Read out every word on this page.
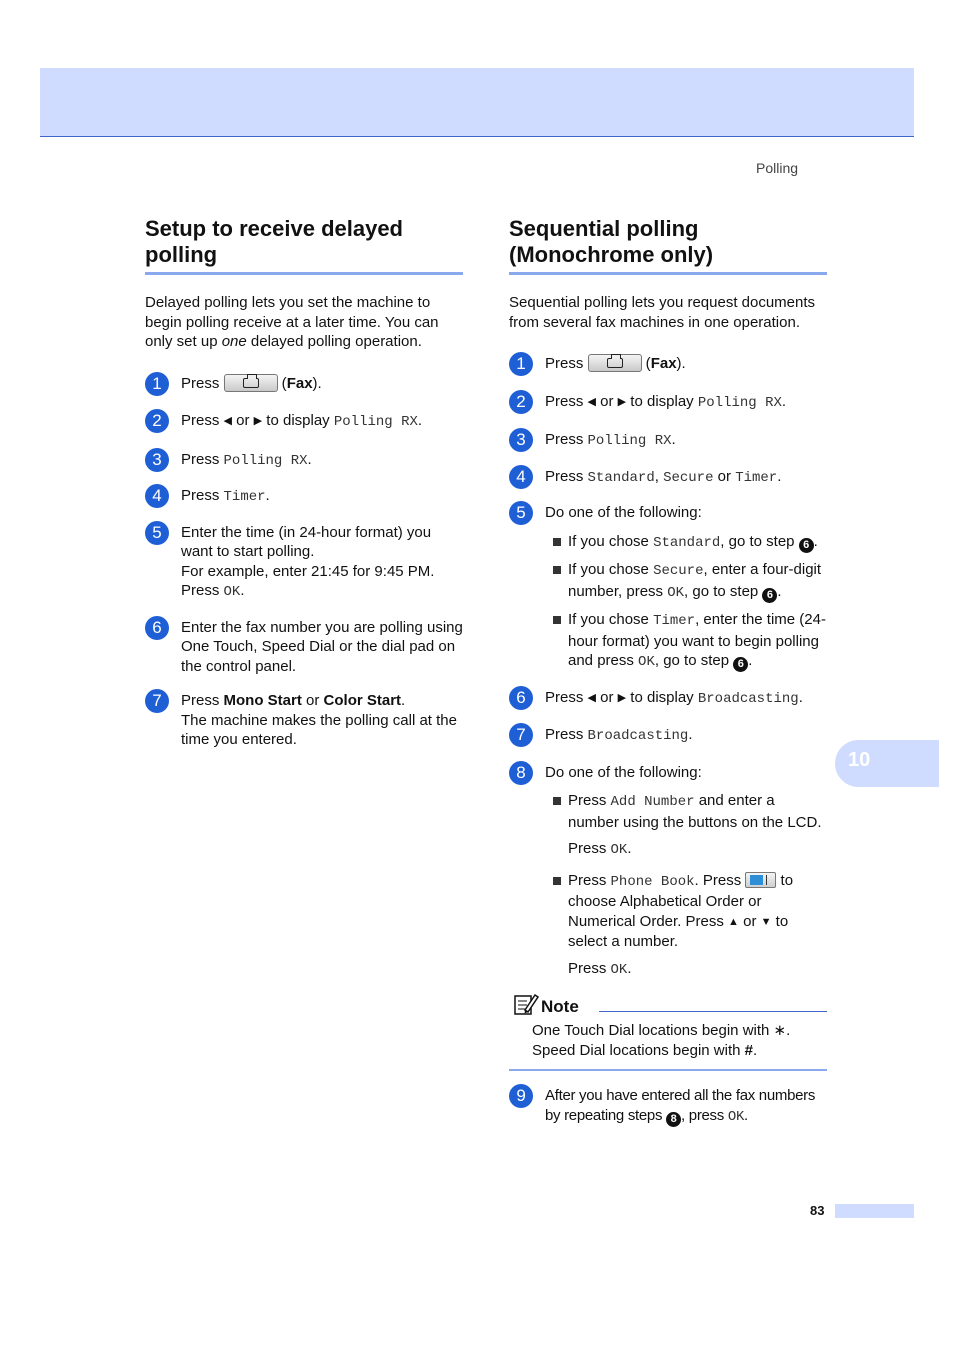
Polling
Setup to receive delayed polling

Delayed polling lets you set the machine to begin polling receive at a later time. You can only set up one delayed polling operation.

1	Press	(Fax).
2	Press ◀ or ▶ to display Polling RX.
3	Press Polling RX.
4	Press Timer.
5	Enter the time (in 24-hour format) you want to start polling.
For example, enter 21:45 for 9:45 PM.
Press OK.
6	Enter the fax number you are polling using One Touch, Speed Dial or the dial pad on the control panel.
7	Press Mono Start or Color Start.
The machine makes the polling call at the time you entered.
Sequential polling (Monochrome only)

Sequential polling lets you request documents from several fax machines in one operation.

1	Press	(Fax).
2	Press ◀ or ▶ to display Polling RX.
3	Press Polling RX.
4	Press Standard, Secure or Timer.
5	Do one of the following:
If you chose Standard, go to step 6 .
If you chose Secure, enter a four-digit number, press OK, go to step 6 .
If you chose Timer, enter the time (24-hour format) you want to begin polling and press OK, go to step 6 .
6	Press ◀ or ▶ to display Broadcasting.
7	Press Broadcasting.
8	Do one of the following:
Press Add Number and enter a number using the buttons on the LCD.
Press OK.
Press Phone Book. Press
to choose Alphabetical Order or Numerical Order. Press ▲ or ▼ to select a number.
Press OK.
Note
One Touch Dial locations begin with ∗.
Speed Dial locations begin with #.
9	After you have entered all the fax numbers by repeating steps 8 , press OK.
10
83
